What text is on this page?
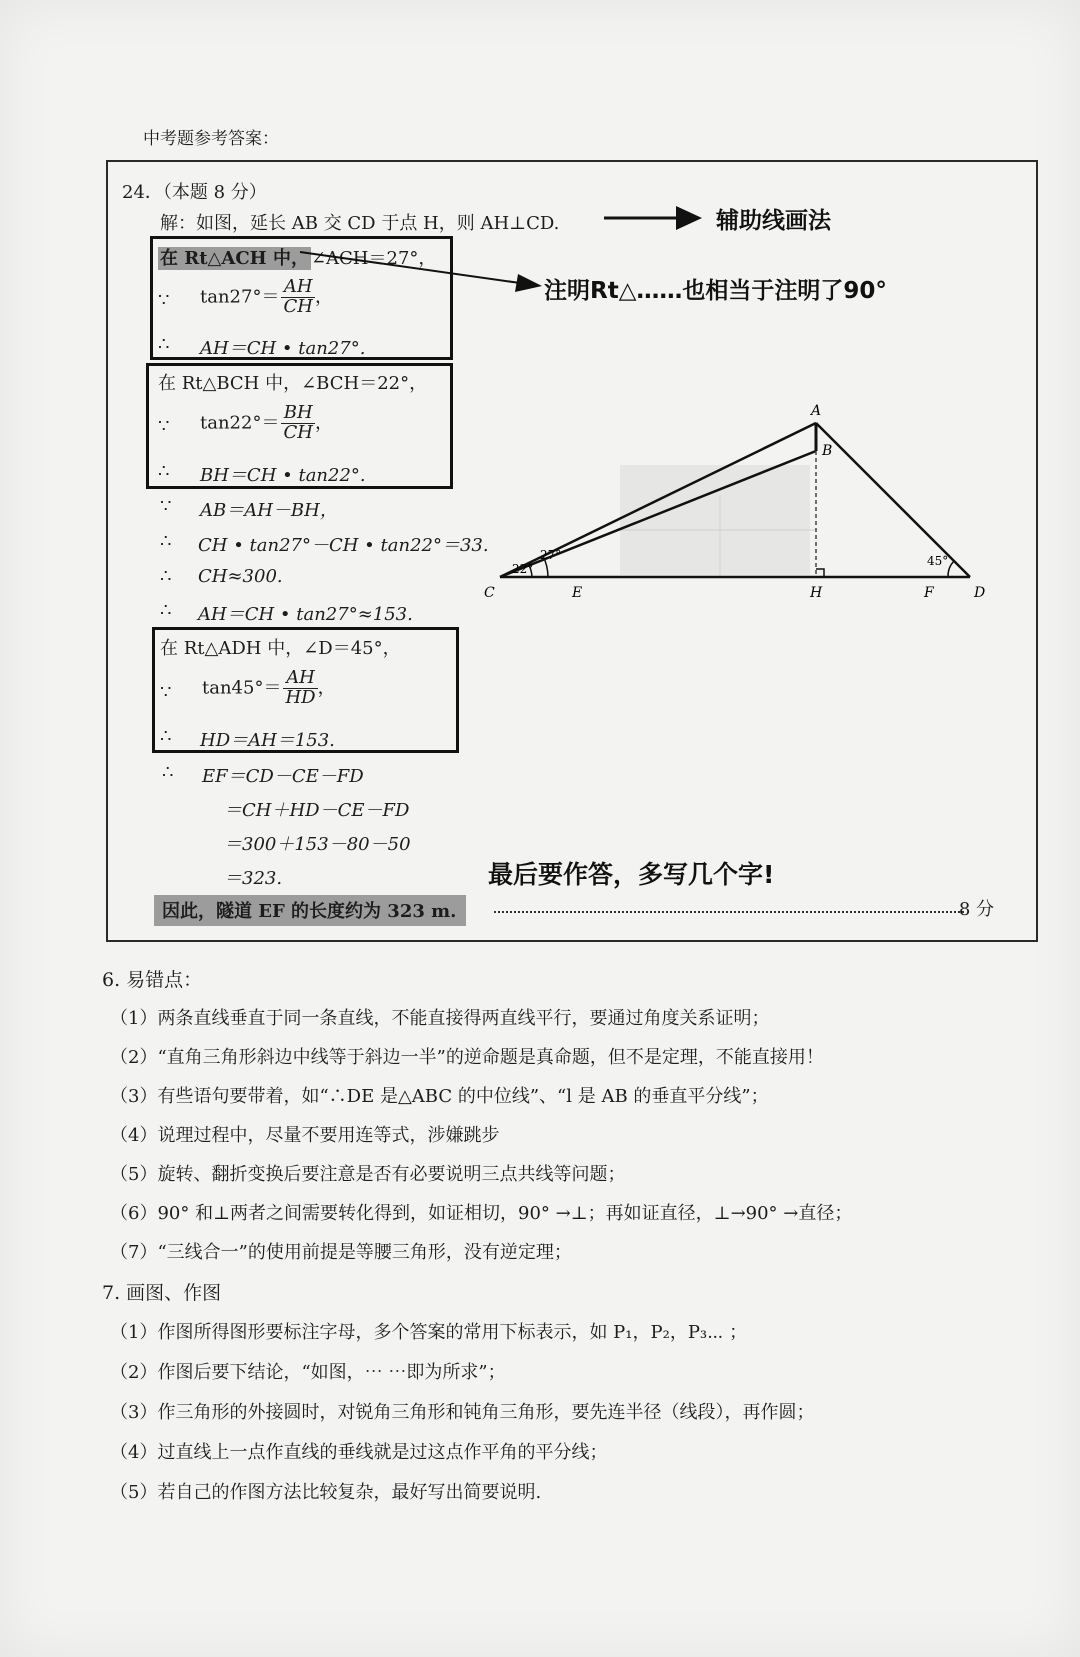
中考题参考答案：
24．（本题 8 分）
解：如图，延长 AB 交 CD 于点 H，则 AH⊥CD.
在 Rt△ACH 中， ∠ACH＝27°，
∵ $\tan 27^\circ= \frac{AH}{CH}$ ，
∴ AH＝CH • tan27°.
在 Rt△BCH 中，∠BCH＝22°，
∵ $\tan 22^\circ= \frac{BH}{CH}$ ，
∴ BH＝CH • tan22°.
∵ AB＝AH－BH，
∴ CH • tan27°－CH • tan22°＝33.
∴ CH≈300.
∴ AH＝CH • tan27°≈153.
在 Rt△ADH 中，∠D＝45°，
∵ $\tan 45^\circ= \frac{AH}{HD}$ ，
∴ HD＝AH＝153.
∴ EF＝CD－CE－FD
＝CH＋HD－CE－FD
＝300＋153－80－50
＝323.
因此，隧道 EF 的长度约为 323 m.	8 分
辅助线画法
注明Rt△……也相当于注明了90°
最后要作答，多写几个字!
22°
27°	45°
A
B
C	E	H	F	D
6. 易错点：
（1）两条直线垂直于同一条直线，不能直接得两直线平行，要通过角度关系证明；
（2）“直角三角形斜边中线等于斜边一半”的逆命题是真命题，但不是定理，不能直接用！
（3）有些语句要带着，如“∴DE 是△ABC 的中位线”、“l 是 AB 的垂直平分线”；
（4）说理过程中，尽量不要用连等式，涉嫌跳步
（5）旋转、翻折变换后要注意是否有必要说明三点共线等问题；
（6）90° 和⊥两者之间需要转化得到，如证相切，90° →⊥；再如证直径，⊥→90° →直径；
（7）“三线合一”的使用前提是等腰三角形，没有逆定理；
7. 画图、作图
（1）作图所得图形要标注字母，多个答案的常用下标表示，如 P₁，P₂，P₃⋯ ；
（2）作图后要下结论，“如图，⋯ ⋯即为所求”；
（3）作三角形的外接圆时，对锐角三角形和钝角三角形，要先连半径（线段），再作圆；
（4）过直线上一点作直线的垂线就是过这点作平角的平分线；
（5）若自己的作图方法比较复杂，最好写出简要说明.
